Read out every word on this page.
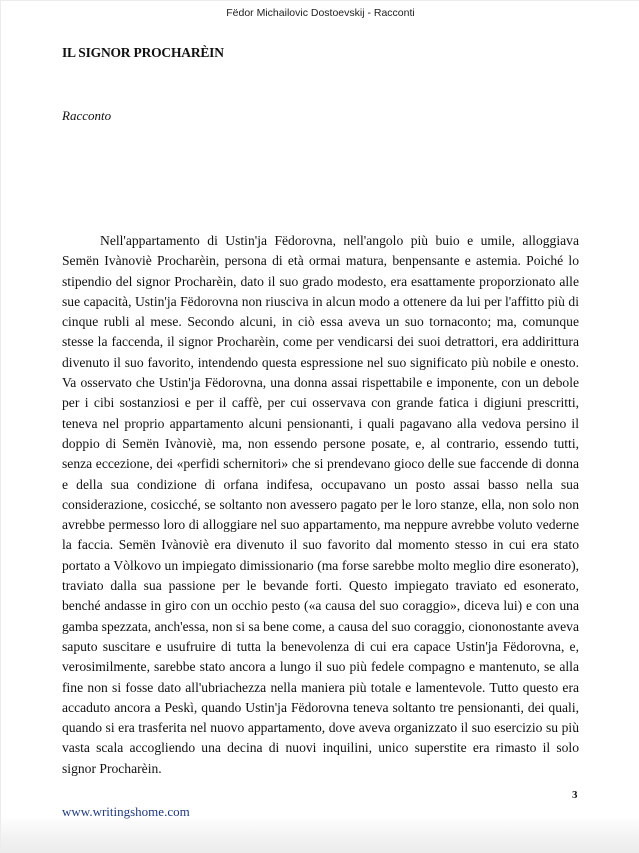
Fëdor Michailovic Dostoevskij - Racconti
IL SIGNOR PROCHARÈIN
Racconto

Nell'appartamento di Ustin'ja Fëdorovna, nell'angolo più buio e umile, alloggiava Semën Ivànoviè Procharèin, persona di età ormai matura, benpensante e astemia. Poiché lo stipendio del signor Procharèin, dato il suo grado modesto, era esattamente proporzionato alle sue capacità, Ustin'ja Fëdorovna non riusciva in alcun modo a ottenere da lui per l'affitto più di cinque rubli al mese. Secondo alcuni, in ciò essa aveva un suo tornaconto; ma, comunque stesse la faccenda, il signor Procharèin, come per vendicarsi dei suoi detrattori, era addirittura divenuto il suo favorito, intendendo questa espressione nel suo significato più nobile e onesto. Va osservato che Ustin'ja Fëdorovna, una donna assai rispettabile e imponente, con un debole per i cibi sostanziosi e per il caffè, per cui osservava con grande fatica i digiuni prescritti, teneva nel proprio appartamento alcuni pensionanti, i quali pagavano alla vedova persino il doppio di Semën Ivànoviè, ma, non essendo persone posate, e, al contrario, essendo tutti, senza eccezione, dei «perfidi schernitori» che si prendevano gioco delle sue faccende di donna e della sua condizione di orfana indifesa, occupavano un posto assai basso nella sua considerazione, cosicché, se soltanto non avessero pagato per le loro stanze, ella, non solo non avrebbe permesso loro di alloggiare nel suo appartamento, ma neppure avrebbe voluto vederne la faccia. Semën Ivànoviè era divenuto il suo favorito dal momento stesso in cui era stato portato a Vòlkovo un impiegato dimissionario (ma forse sarebbe molto meglio dire esonerato), traviato dalla sua passione per le bevande forti. Questo impiegato traviato ed esonerato, benché andasse in giro con un occhio pesto («a causa del suo coraggio», diceva lui) e con una gamba spezzata, anch'essa, non si sa bene come, a causa del suo coraggio, ciononostante aveva saputo suscitare e usufruire di tutta la benevolenza di cui era capace Ustin'ja Fëdorovna, e, verosimilmente, sarebbe stato ancora a lungo il suo più fedele compagno e mantenuto, se alla fine non si fosse dato all'ubriachezza nella maniera più totale e lamentevole. Tutto questo era accaduto ancora a Peskì, quando Ustin'ja Fëdorovna teneva soltanto tre pensionanti, dei quali, quando si era trasferita nel nuovo appartamento, dove aveva organizzato il suo esercizio su più vasta scala accogliendo una decina di nuovi inquilini, unico superstite era rimasto il solo signor Procharèin.

3
www.writingshome.com
